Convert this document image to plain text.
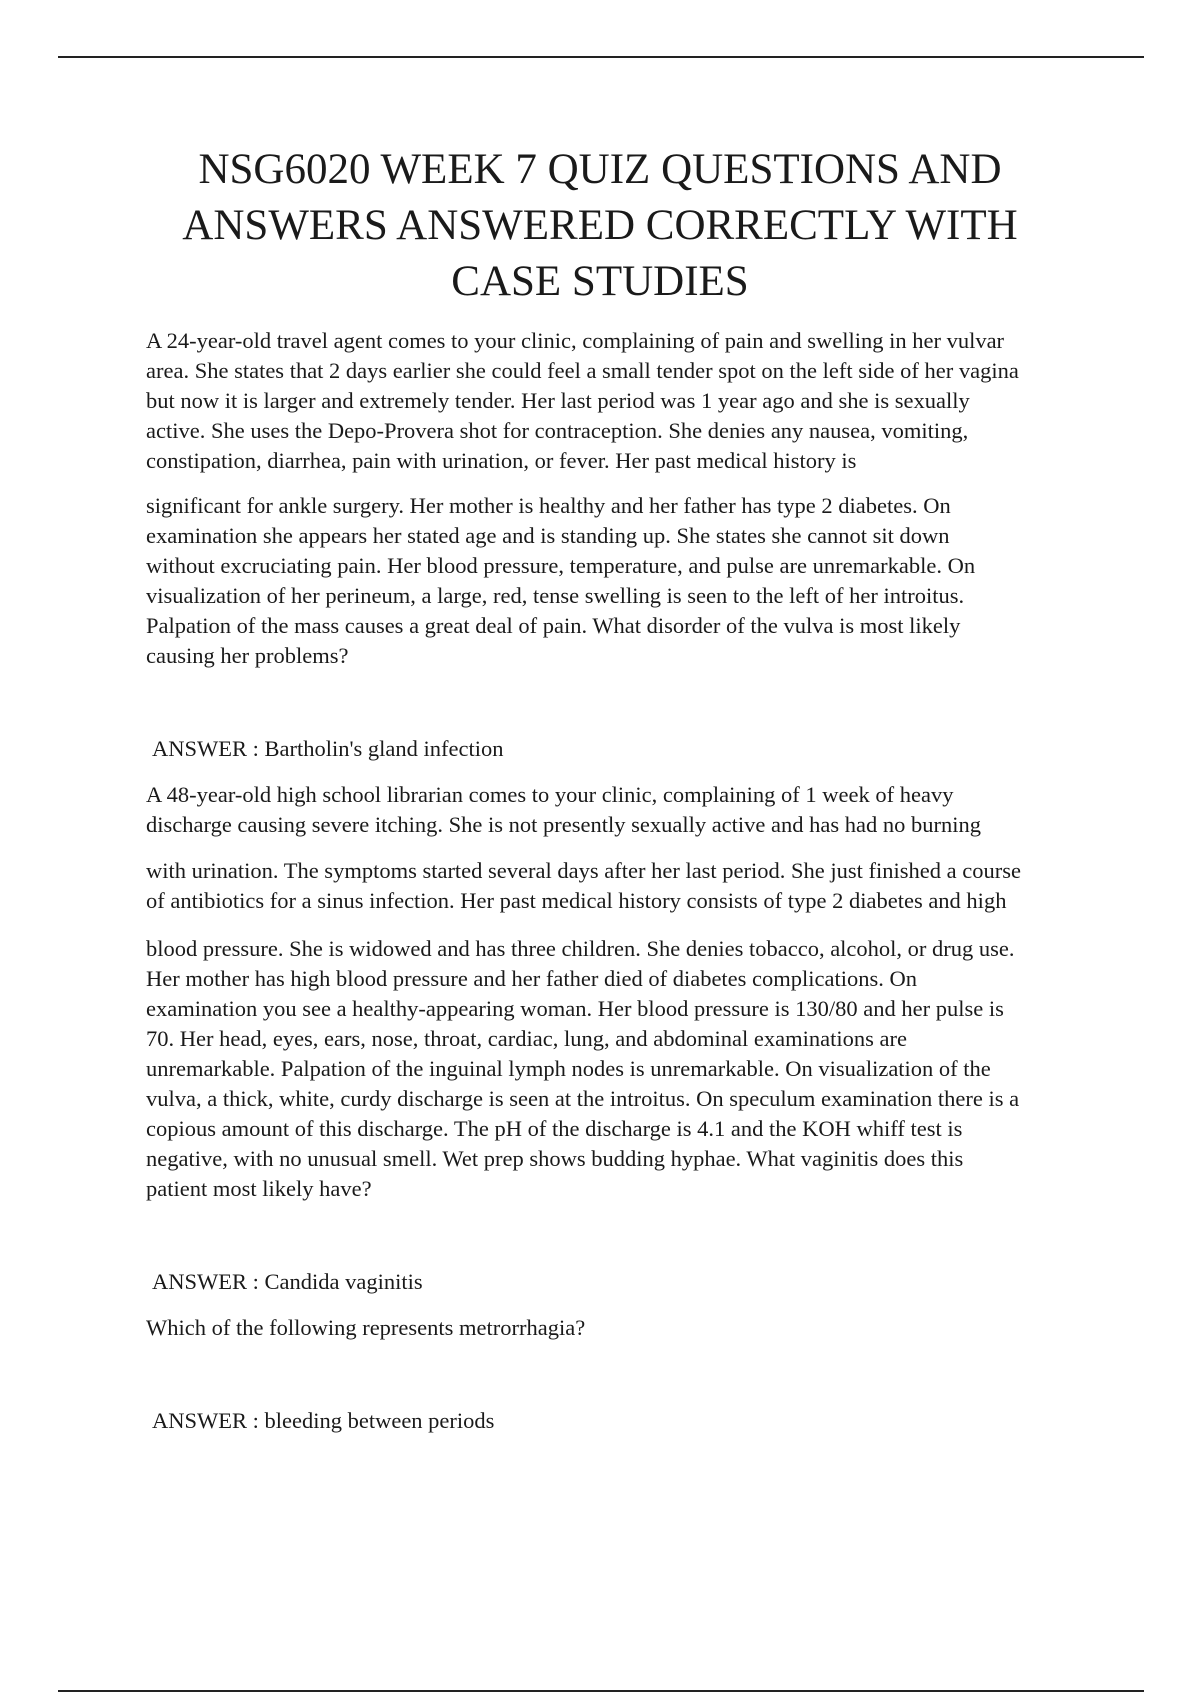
NSG6020 WEEK 7 QUIZ QUESTIONS AND
ANSWERS ANSWERED CORRECTLY WITH
CASE STUDIES

A 24-year-old travel agent comes to your clinic, complaining of pain and swelling in her vulvar
area. She states that 2 days earlier she could feel a small tender spot on the left side of her vagina
but now it is larger and extremely tender. Her last period was 1 year ago and she is sexually
active. She uses the Depo-Provera shot for contraception. She denies any nausea, vomiting,
constipation, diarrhea, pain with urination, or fever. Her past medical history is

significant for ankle surgery. Her mother is healthy and her father has type 2 diabetes. On
examination she appears her stated age and is standing up. She states she cannot sit down
without excruciating pain. Her blood pressure, temperature, and pulse are unremarkable. On
visualization of her perineum, a large, red, tense swelling is seen to the left of her introitus.
Palpation of the mass causes a great deal of pain. What disorder of the vulva is most likely
causing her problems?

ANSWER : Bartholin's gland infection

A 48-year-old high school librarian comes to your clinic, complaining of 1 week of heavy
discharge causing severe itching. She is not presently sexually active and has had no burning

with urination. The symptoms started several days after her last period. She just finished a course
of antibiotics for a sinus infection. Her past medical history consists of type 2 diabetes and high

blood pressure. She is widowed and has three children. She denies tobacco, alcohol, or drug use.
Her mother has high blood pressure and her father died of diabetes complications. On
examination you see a healthy-appearing woman. Her blood pressure is 130/80 and her pulse is
70. Her head, eyes, ears, nose, throat, cardiac, lung, and abdominal examinations are
unremarkable. Palpation of the inguinal lymph nodes is unremarkable. On visualization of the
vulva, a thick, white, curdy discharge is seen at the introitus. On speculum examination there is a
copious amount of this discharge. The pH of the discharge is 4.1 and the KOH whiff test is
negative, with no unusual smell. Wet prep shows budding hyphae. What vaginitis does this
patient most likely have?

ANSWER : Candida vaginitis

Which of the following represents metrorrhagia?

ANSWER : bleeding between periods
